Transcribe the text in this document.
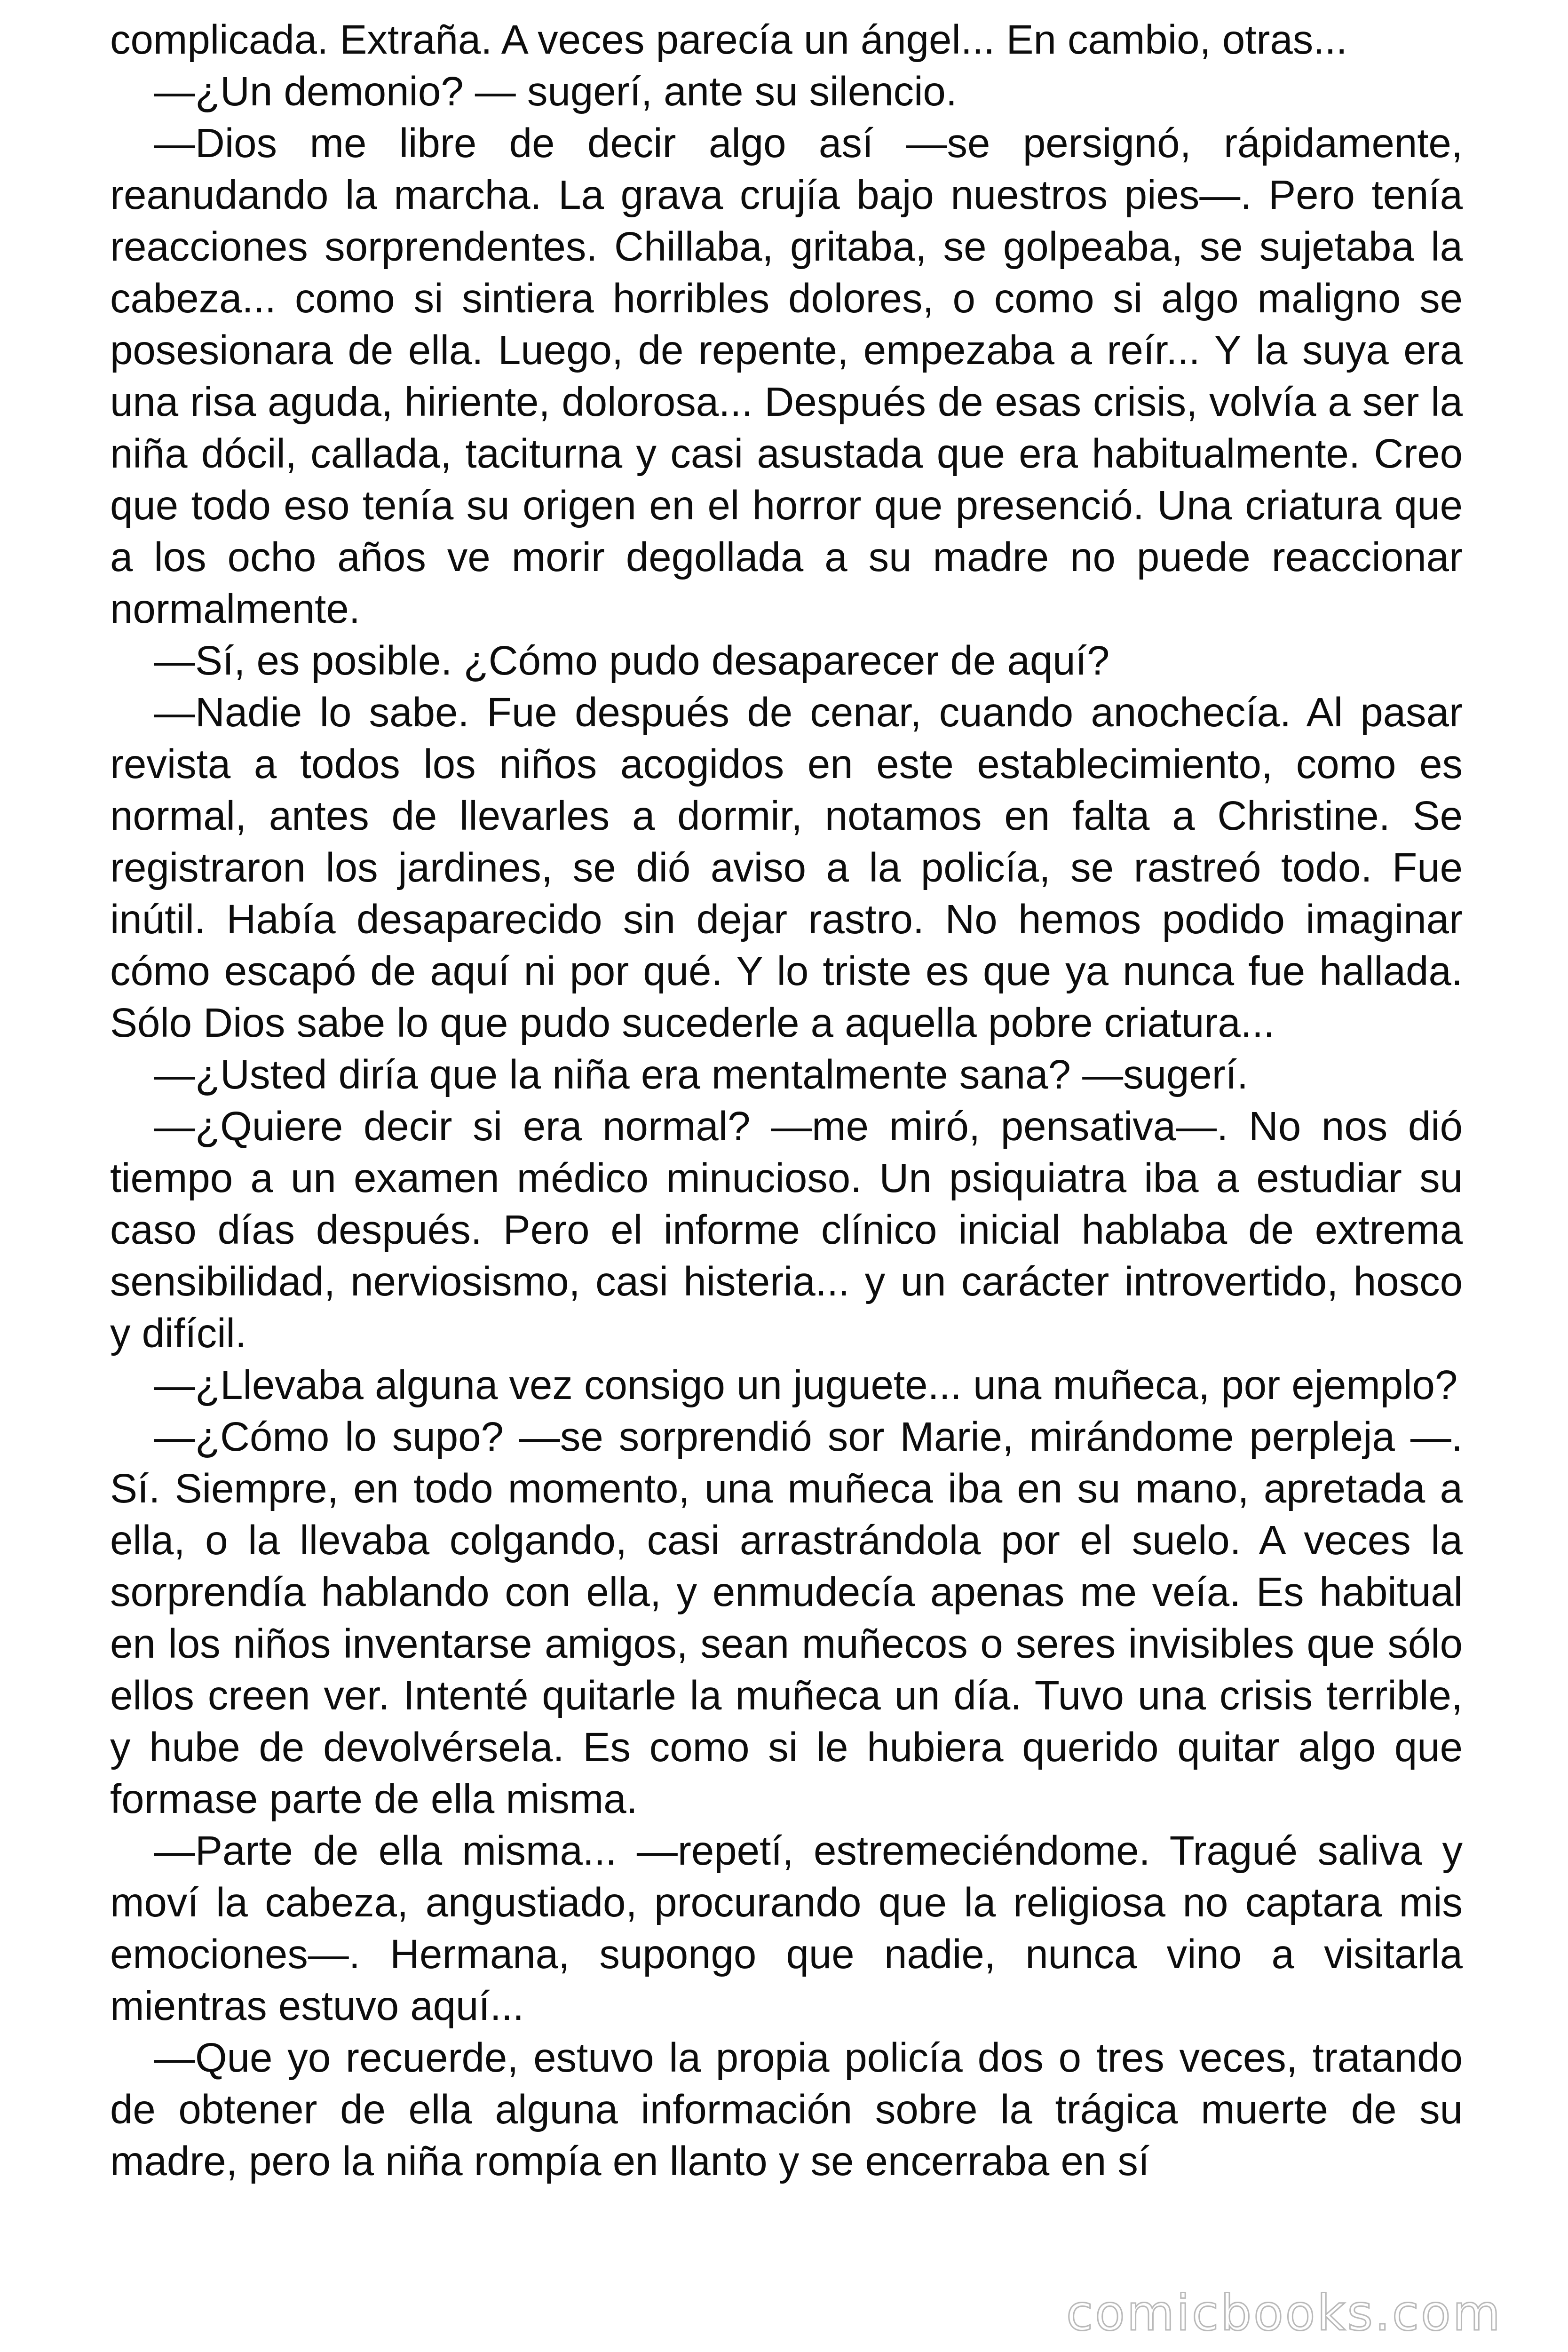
complicada. Extraña. A veces parecía un ángel... En cambio, otras...

—¿Un demonio? — sugerí, ante su silencio.

—Dios me libre de decir algo así —se persignó, rápidamente, reanudando la marcha. La grava crujía bajo nuestros pies—. Pero tenía reacciones sorprendentes. Chillaba, gritaba, se golpeaba, se sujetaba la cabeza... como si sintiera horribles dolores, o como si algo maligno se posesionara de ella. Luego, de repente, empezaba a reír... Y la suya era una risa aguda, hiriente, dolorosa... Después de esas crisis, volvía a ser la niña dócil, callada, taciturna y casi asustada que era habitualmente. Creo que todo eso tenía su origen en el horror que presenció. Una criatura que a los ocho años ve morir degollada a su madre no puede reaccionar normalmente.

—Sí, es posible. ¿Cómo pudo desaparecer de aquí?

—Nadie lo sabe. Fue después de cenar, cuando anochecía. Al pasar revista a todos los niños acogidos en este establecimiento, como es normal, antes de llevarles a dormir, notamos en falta a Christine. Se registraron los jardines, se dió aviso a la policía, se rastreó todo. Fue inútil. Había desaparecido sin dejar rastro. No hemos podido imaginar cómo escapó de aquí ni por qué. Y lo triste es que ya nunca fue hallada. Sólo Dios sabe lo que pudo sucederle a aquella pobre criatura...

—¿Usted diría que la niña era mentalmente sana? —sugerí.

—¿Quiere decir si era normal? —me miró, pensativa—. No nos dió tiempo a un examen médico minucioso. Un psiquiatra iba a estudiar su caso días después. Pero el informe clínico inicial hablaba de extrema sensibilidad, nerviosismo, casi histeria... y un carácter introvertido, hosco y difícil.

—¿Llevaba alguna vez consigo un juguete... una muñeca, por ejemplo?

—¿Cómo lo supo? —se sorprendió sor Marie, mirándome perpleja —. Sí. Siempre, en todo momento, una muñeca iba en su mano, apretada a ella, o la llevaba colgando, casi arrastrándola por el suelo. A veces la sorprendía hablando con ella, y enmudecía apenas me veía. Es habitual en los niños inventarse amigos, sean muñecos o seres invisibles que sólo ellos creen ver. Intenté quitarle la muñeca un día. Tuvo una crisis terrible, y hube de devolvérsela. Es como si le hubiera querido quitar algo que formase parte de ella misma.

—Parte de ella misma... —repetí, estremeciéndome. Tragué saliva y moví la cabeza, angustiado, procurando que la religiosa no captara mis emociones—. Hermana, supongo que nadie, nunca vino a visitarla mientras estuvo aquí...

—Que yo recuerde, estuvo la propia policía dos o tres veces, tratando de obtener de ella alguna información sobre la trágica muerte de su madre, pero la niña rompía en llanto y se encerraba en sí

comicbooks.com
